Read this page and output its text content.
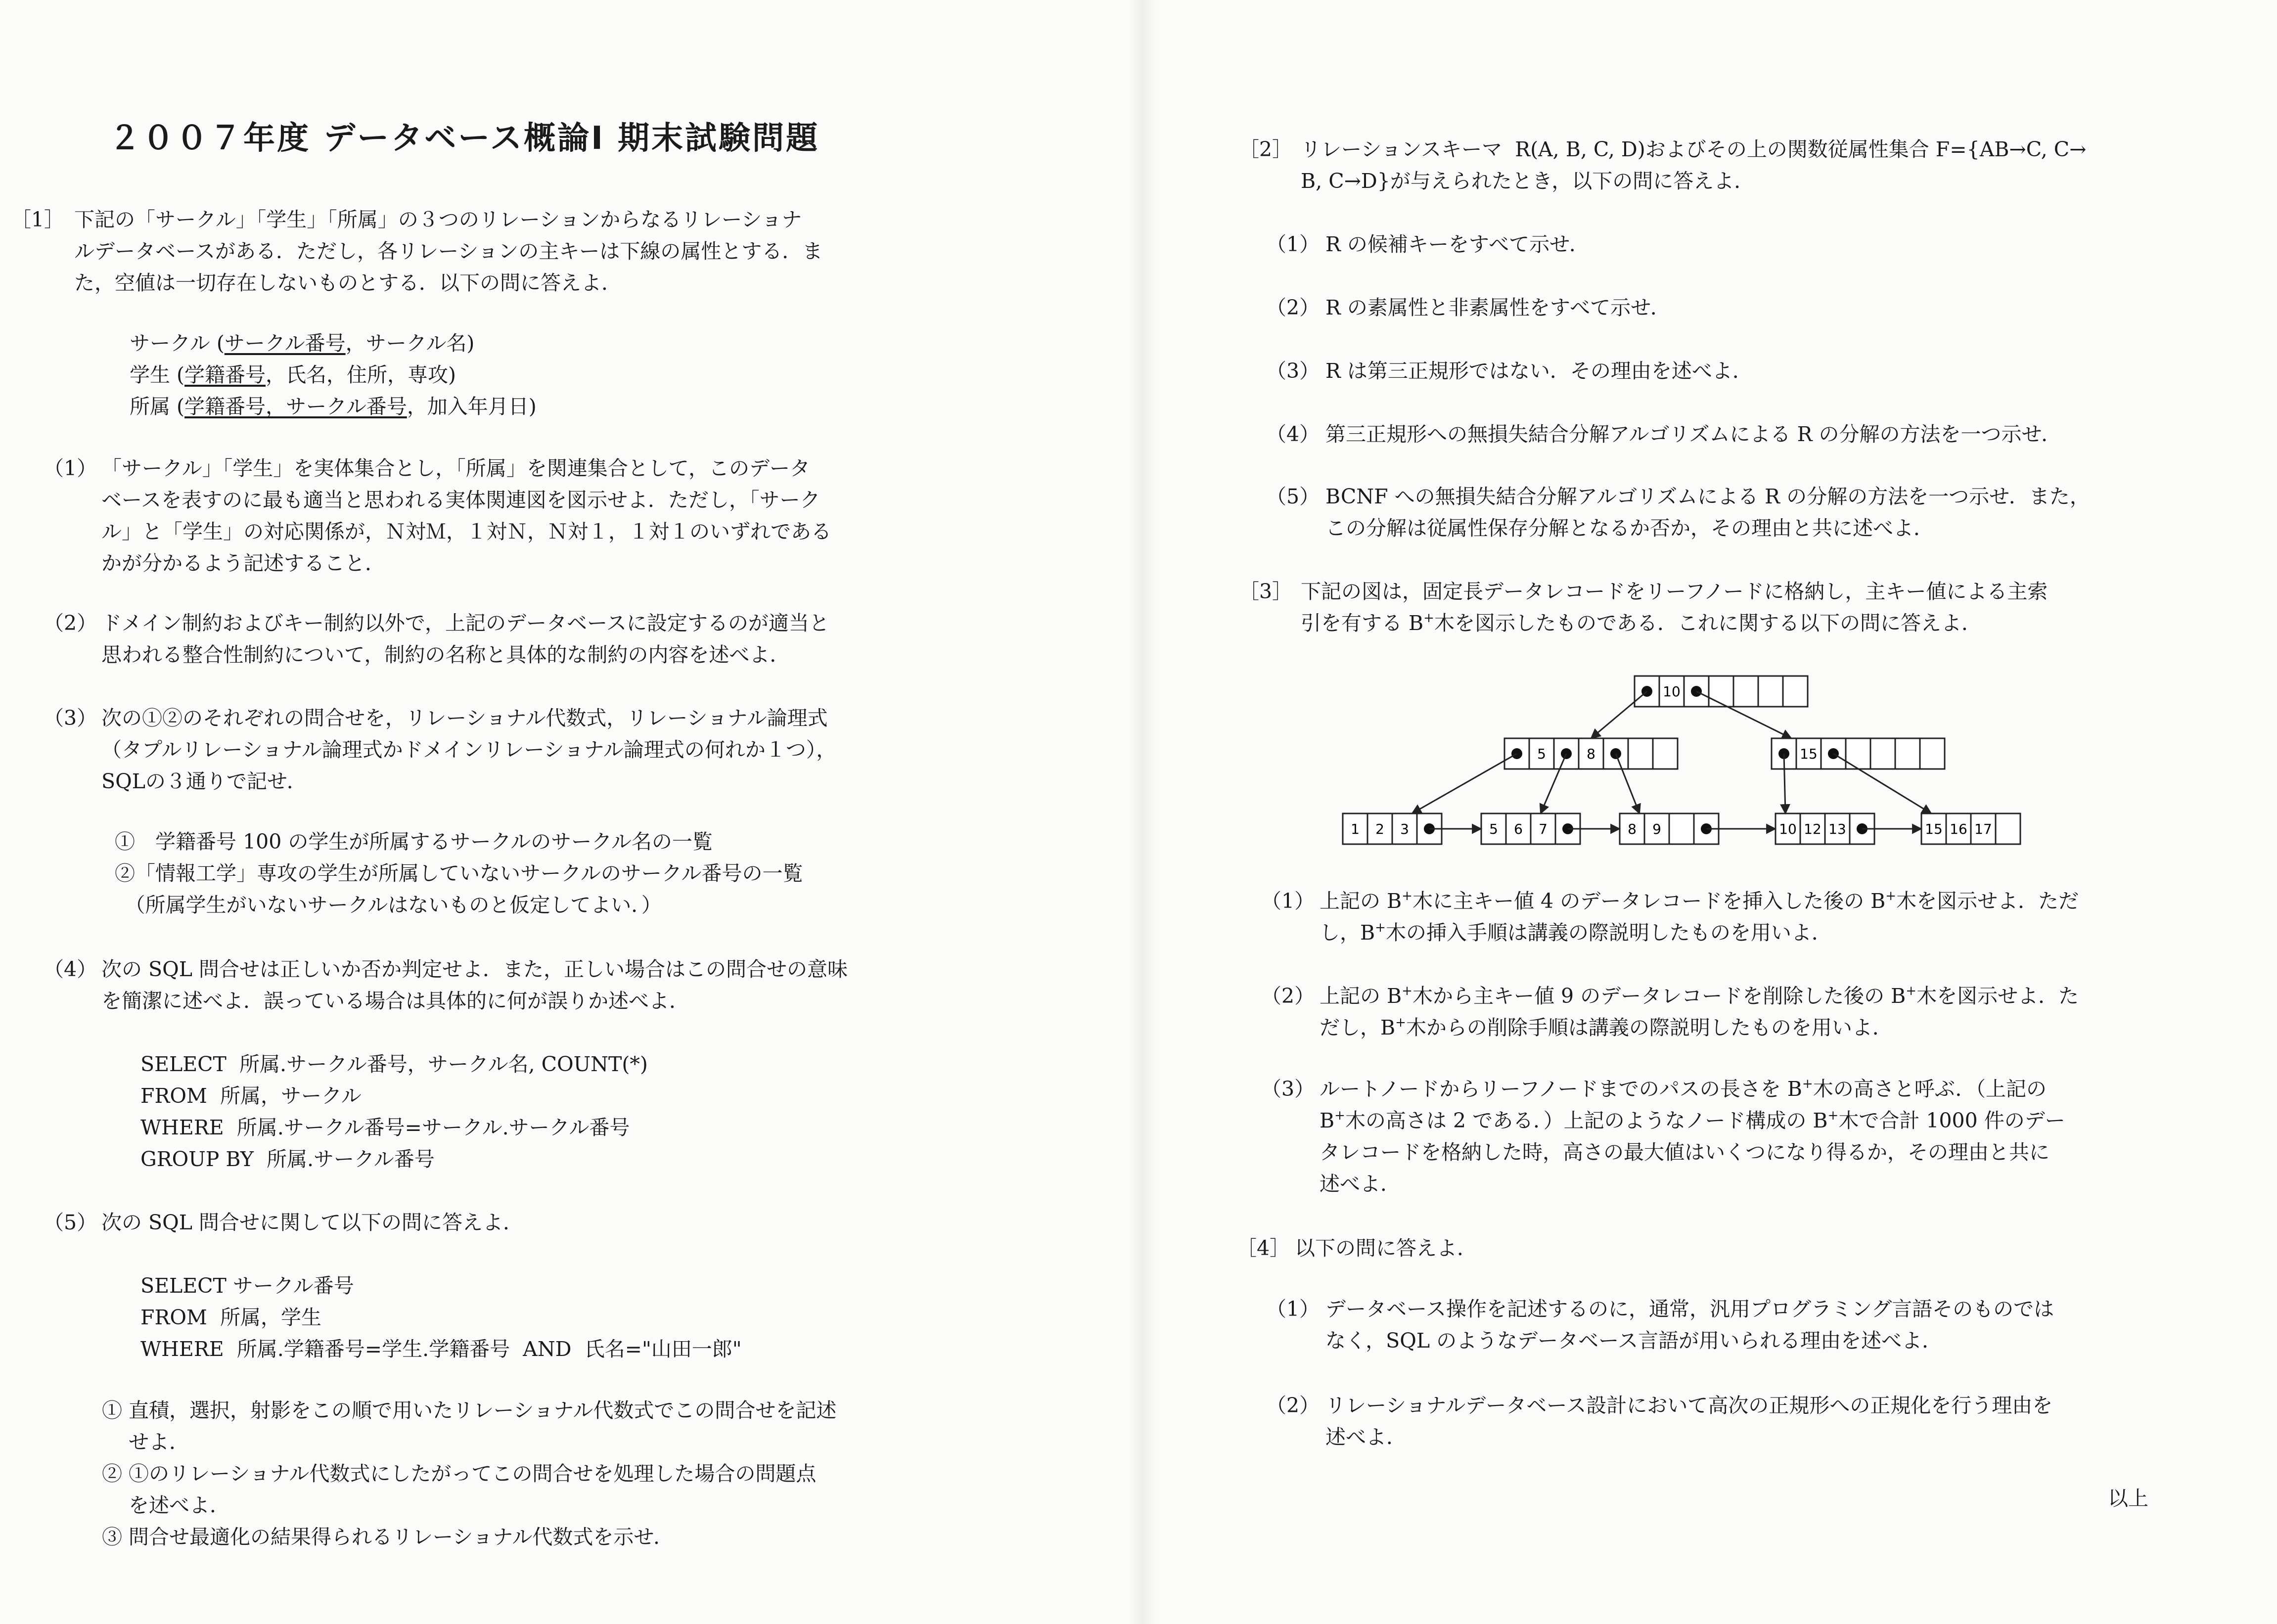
２００７年度 データベース概論Ⅰ 期末試験問題
［1］ 下記の「サークル」「学生」「所属」の３つのリレーションからなるリレーショナ
ルデータベースがある．ただし，各リレーションの主キーは下線の属性とする．ま
た，空値は一切存在しないものとする．以下の問に答えよ．
サークル (サークル番号，サークル名)
学生 (学籍番号，氏名，住所，専攻)
所属 (学籍番号，サークル番号，加入年月日)
（1） 「サークル」「学生」を実体集合とし，「所属」を関連集合として，このデータ
ベースを表すのに最も適当と思われる実体関連図を図示せよ．ただし，「サーク
ル」と「学生」の対応関係が，Ｎ対Ｍ，１対Ｎ，Ｎ対１，１対１のいずれである
かが分かるよう記述すること．
（2） ドメイン制約およびキー制約以外で，上記のデータベースに設定するのが適当と
思われる整合性制約について，制約の名称と具体的な制約の内容を述べよ．
（3） 次の①②のそれぞれの問合せを，リレーショナル代数式，リレーショナル論理式
（タプルリレーショナル論理式かドメインリレーショナル論理式の何れか１つ），
SQLの３通りで記せ．
①　学籍番号 100 の学生が所属するサークルのサークル名の一覧
②「情報工学」専攻の学生が所属していないサークルのサークル番号の一覧
　（所属学生がいないサークルはないものと仮定してよい．）
（4） 次の SQL 問合せは正しいか否か判定せよ．また，正しい場合はこの問合せの意味
を簡潔に述べよ．誤っている場合は具体的に何が誤りか述べよ．
SELECT  所属.サークル番号，サークル名, COUNT(*)
FROM  所属，サークル
WHERE  所属.サークル番号=サークル.サークル番号
GROUP BY  所属.サークル番号
（5） 次の SQL 問合せに関して以下の問に答えよ．
SELECT サークル番号
FROM  所属，学生
WHERE  所属.学籍番号=学生.学籍番号  AND  氏名="山田一郎"
① 直積，選択，射影をこの順で用いたリレーショナル代数式でこの問合せを記述
　 せよ．
② ①のリレーショナル代数式にしたがってこの問合せを処理した場合の問題点
　 を述べよ．
③ 問合せ最適化の結果得られるリレーショナル代数式を示せ．
［2］ リレーションスキーマ  R(A, B, C, D)およびその上の関数従属性集合 F={AB→C, C→
B, C→D}が与えられたとき，以下の問に答えよ．
（1） R の候補キーをすべて示せ．
（2） R の素属性と非素属性をすべて示せ．
（3） R は第三正規形ではない．その理由を述べよ．
（4） 第三正規形への無損失結合分解アルゴリズムによる R の分解の方法を一つ示せ．
（5） BCNF への無損失結合分解アルゴリズムによる R の分解の方法を一つ示せ．また，
この分解は従属性保存分解となるか否か，その理由と共に述べよ．
［3］ 下記の図は，固定長データレコードをリーフノードに格納し，主キー値による主索
引を有する B+木を図示したものである．これに関する以下の問に答えよ．
10
5	8	15
1 2 3	5 6 7	8 9	10 12 13	15 16 17
（1） 上記の B+木に主キー値 4 のデータレコードを挿入した後の B+木を図示せよ．ただ
し，B+木の挿入手順は講義の際説明したものを用いよ．
（2） 上記の B+木から主キー値 9 のデータレコードを削除した後の B+木を図示せよ．た
だし，B+木からの削除手順は講義の際説明したものを用いよ．
（3） ルートノードからリーフノードまでのパスの長さを B+木の高さと呼ぶ．（上記の
B+木の高さは 2 である．）上記のようなノード構成の B+木で合計 1000 件のデー
タレコードを格納した時，高さの最大値はいくつになり得るか，その理由と共に
述べよ．
［4］ 以下の問に答えよ．
（1） データベース操作を記述するのに，通常，汎用プログラミング言語そのものでは
なく，SQL のようなデータベース言語が用いられる理由を述べよ．
（2） リレーショナルデータベース設計において高次の正規形への正規化を行う理由を
述べよ．
以上
